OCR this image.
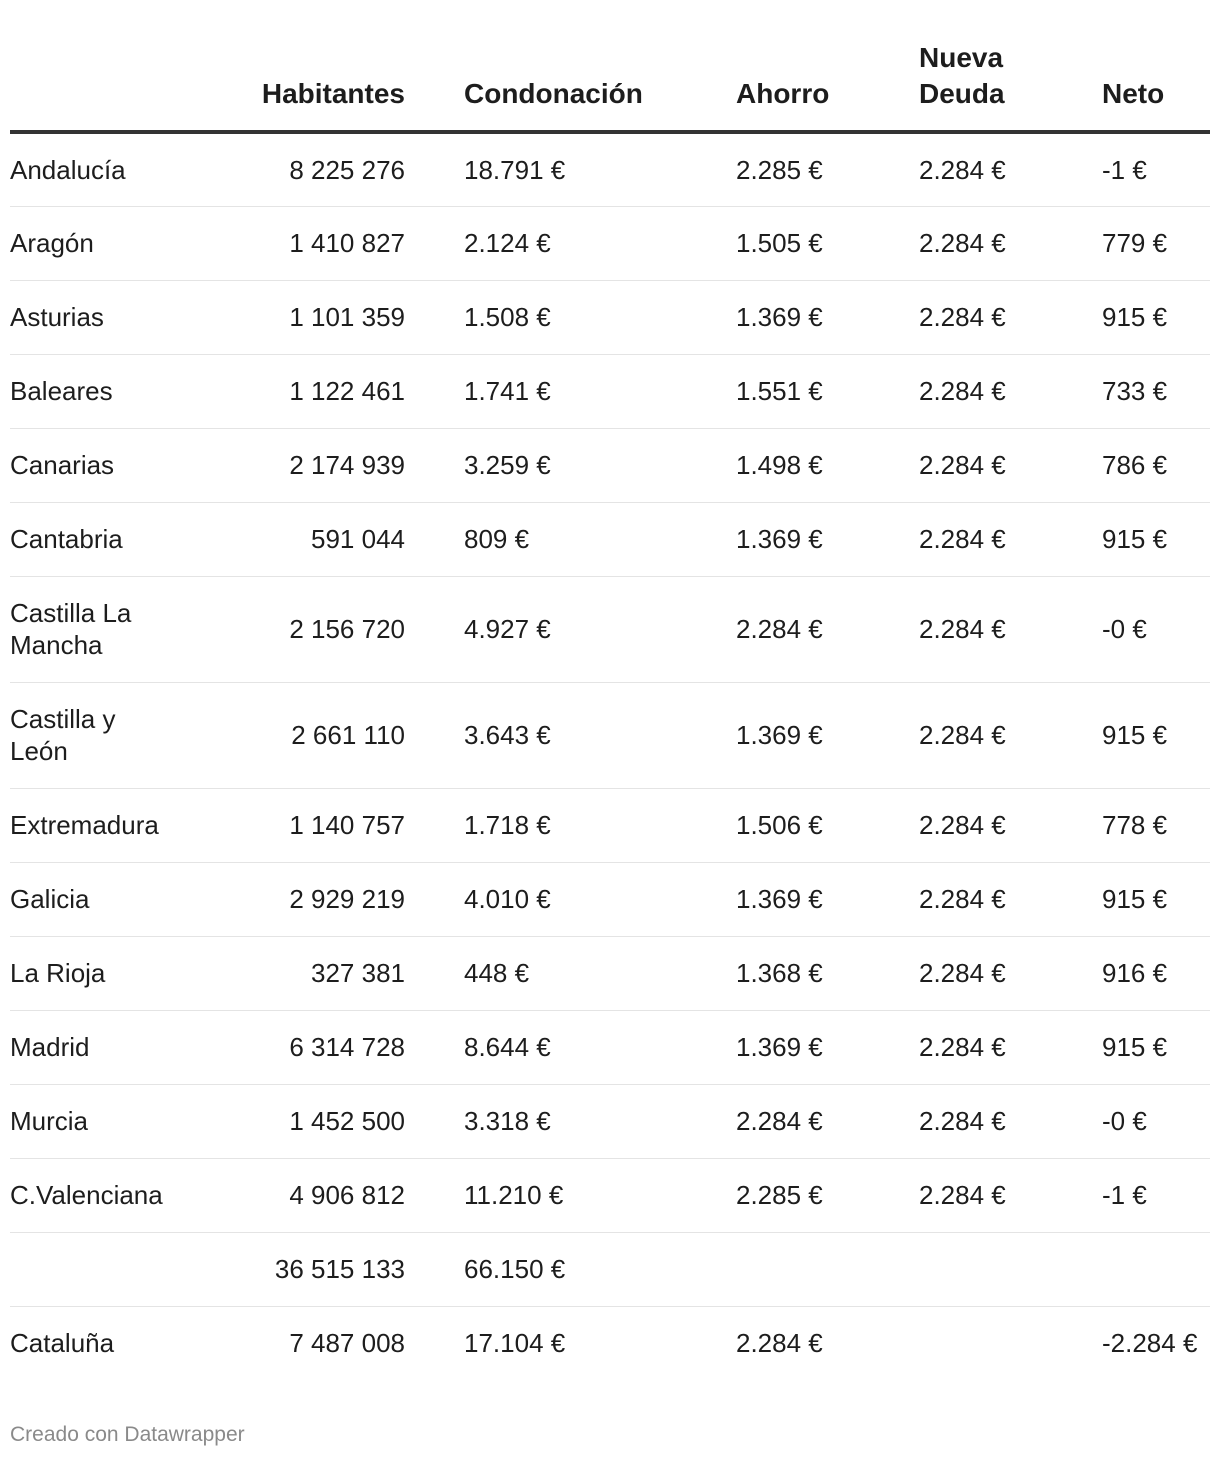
	Habitantes	Condonación	Ahorro	Nueva Deuda	Neto
Andalucía	8 225 276	18.791 €	2.285 €	2.284 €	-1 €
Aragón	1 410 827	2.124 €	1.505 €	2.284 €	779 €
Asturias	1 101 359	1.508 €	1.369 €	2.284 €	915 €
Baleares	1 122 461	1.741 €	1.551 €	2.284 €	733 €
Canarias	2 174 939	3.259 €	1.498 €	2.284 €	786 €
Cantabria	591 044	809 €	1.369 €	2.284 €	915 €
Castilla La Mancha	2 156 720	4.927 €	2.284 €	2.284 €	-0 €
Castilla y León	2 661 110	3.643 €	1.369 €	2.284 €	915 €
Extremadura	1 140 757	1.718 €	1.506 €	2.284 €	778 €
Galicia	2 929 219	4.010 €	1.369 €	2.284 €	915 €
La Rioja	327 381	448 €	1.368 €	2.284 €	916 €
Madrid	6 314 728	8.644 €	1.369 €	2.284 €	915 €
Murcia	1 452 500	3.318 €	2.284 €	2.284 €	-0 €
C.Valenciana	4 906 812	11.210 €	2.285 €	2.284 €	-1 €
	36 515 133	66.150 €			
Cataluña	7 487 008	17.104 €	2.284 €		-2.284 €
Creado con Datawrapper
